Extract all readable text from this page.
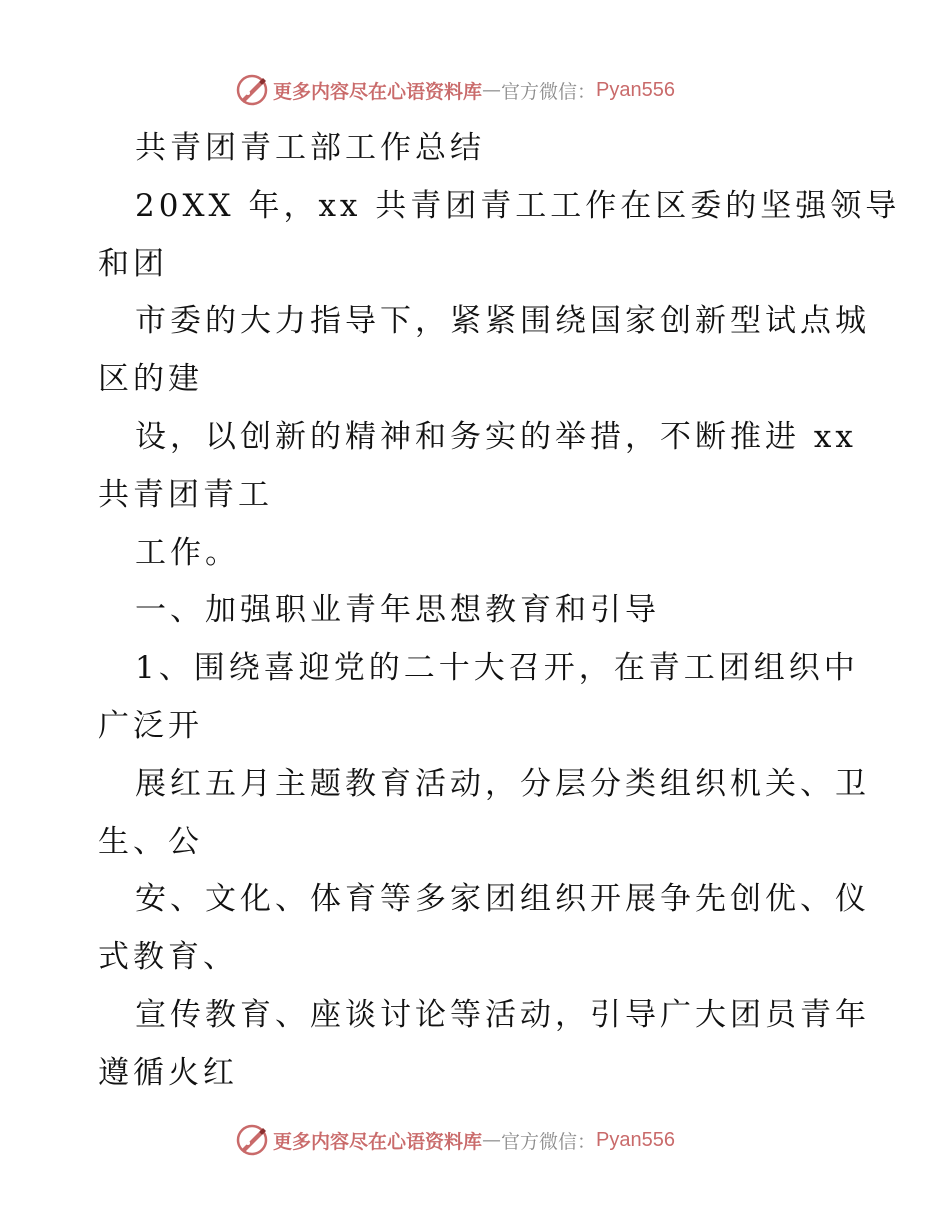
更多内容尽在心语资料库 — 官方微信： Pyan556
共青团青工部工作总结
20XX 年，xx 共青团青工工作在区委的坚强领导
和团
市委的大力指导下，紧紧围绕国家创新型试点城
区的建
设，以创新的精神和务实的举措，不断推进 xx
共青团青工
工作。
一、加强职业青年思想教育和引导
1、围绕喜迎党的二十大召开，在青工团组织中
广泛开
展红五月主题教育活动，分层分类组织机关、卫
生、公
安、文化、体育等多家团组织开展争先创优、仪
式教育、
宣传教育、座谈讨论等活动，引导广大团员青年
遵循火红
更多内容尽在心语资料库 — 官方微信： Pyan556
